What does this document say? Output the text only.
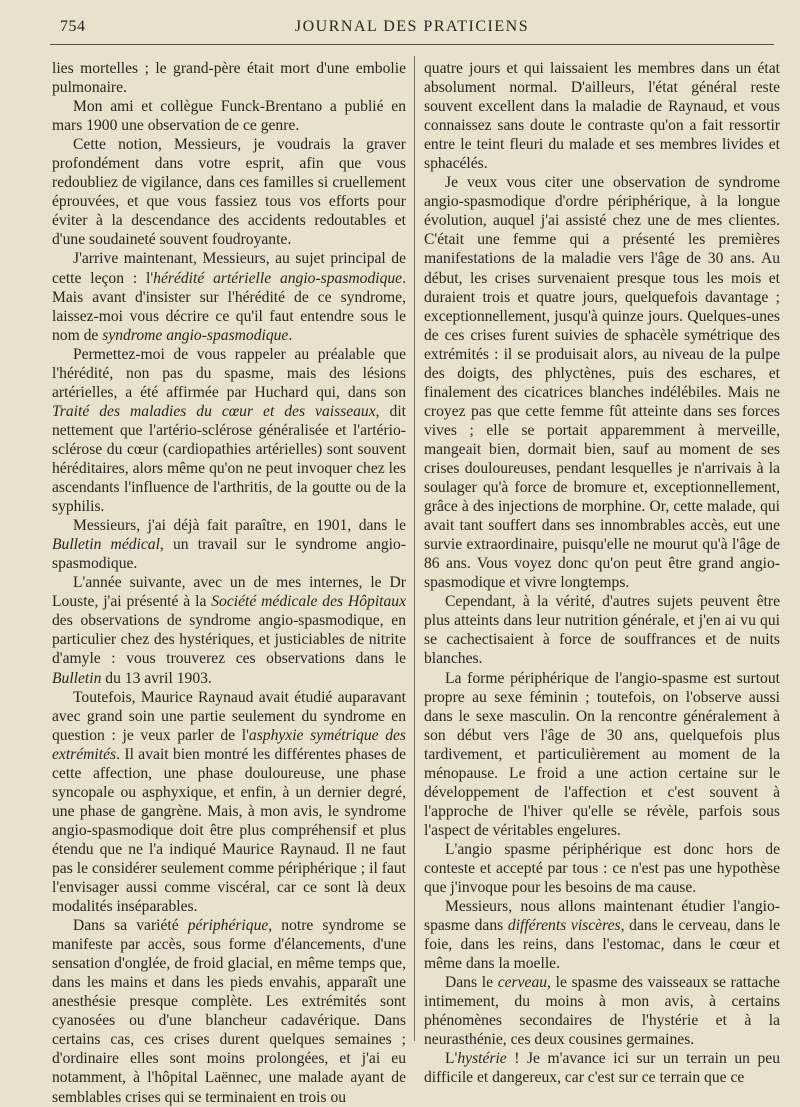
754	JOURNAL DES PRATICIENS

lies mortelles ; le grand-père était mort d'une embolie pulmonaire.

Mon ami et collègue Funck-Brentano a publié en mars 1900 une observation de ce genre.

Cette notion, Messieurs, je voudrais la graver profondément dans votre esprit, afin que vous redoubliez de vigilance, dans ces familles si cruellement éprouvées, et que vous fassiez tous vos efforts pour éviter à la descendance des accidents redoutables et d'une soudaineté souvent foudroyante.

J'arrive maintenant, Messieurs, au sujet principal de cette leçon : l'hérédité artérielle angio-spasmodique. Mais avant d'insister sur l'hérédité de ce syndrome, laissez-moi vous décrire ce qu'il faut entendre sous le nom de syndrome angio-spasmodique.

Permettez-moi de vous rappeler au préalable que l'hérédité, non pas du spasme, mais des lésions artérielles, a été affirmée par Huchard qui, dans son Traité des maladies du cœur et des vaisseaux, dit nettement que l'artério-sclérose généralisée et l'artério-sclérose du cœur (cardiopathies artérielles) sont souvent héréditaires, alors même qu'on ne peut invoquer chez les ascendants l'influence de l'arthritis, de la goutte ou de la syphilis.

Messieurs, j'ai déjà fait paraître, en 1901, dans le Bulletin médical, un travail sur le syndrome angio-spasmodique.

L'année suivante, avec un de mes internes, le Dr Louste, j'ai présenté à la Société médicale des Hôpitaux des observations de syndrome angio-spasmodique, en particulier chez des hystériques, et justiciables de nitrite d'amyle : vous trouverez ces observations dans le Bulletin du 13 avril 1903.

Toutefois, Maurice Raynaud avait étudié auparavant avec grand soin une partie seulement du syndrome en question : je veux parler de l'asphyxie symétrique des extrémités. Il avait bien montré les différentes phases de cette affection, une phase douloureuse, une phase syncopale ou asphyxique, et enfin, à un dernier degré, une phase de gangrène. Mais, à mon avis, le syndrome angio-spasmodique doit être plus compréhensif et plus étendu que ne l'a indiqué Maurice Raynaud. Il ne faut pas le considérer seulement comme périphérique ; il faut l'envisager aussi comme viscéral, car ce sont là deux modalités inséparables.

Dans sa variété périphérique, notre syndrome se manifeste par accès, sous forme d'élancements, d'une sensation d'onglée, de froid glacial, en même temps que, dans les mains et dans les pieds envahis, apparaît une anesthésie presque complète. Les extrémités sont cyanosées ou d'une blancheur cadavérique. Dans certains cas, ces crises durent quelques semaines ; d'ordinaire elles sont moins prolongées, et j'ai eu notamment, à l'hôpital Laënnec, une malade ayant de semblables crises qui se terminaient en trois ou

quatre jours et qui laissaient les membres dans un état absolument normal. D'ailleurs, l'état général reste souvent excellent dans la maladie de Raynaud, et vous connaissez sans doute le contraste qu'on a fait ressortir entre le teint fleuri du malade et ses membres livides et sphacélés.

Je veux vous citer une observation de syndrome angio-spasmodique d'ordre périphérique, à la longue évolution, auquel j'ai assisté chez une de mes clientes. C'était une femme qui a présenté les premières manifestations de la maladie vers l'âge de 30 ans. Au début, les crises survenaient presque tous les mois et duraient trois et quatre jours, quelquefois davantage ; exceptionnellement, jusqu'à quinze jours. Quelques-unes de ces crises furent suivies de sphacèle symétrique des extrémités : il se produisait alors, au niveau de la pulpe des doigts, des phlyctènes, puis des eschares, et finalement des cicatrices blanches indélébiles. Mais ne croyez pas que cette femme fût atteinte dans ses forces vives ; elle se portait apparemment à merveille, mangeait bien, dormait bien, sauf au moment de ses crises douloureuses, pendant lesquelles je n'arrivais à la soulager qu'à force de bromure et, exceptionnellement, grâce à des injections de morphine. Or, cette malade, qui avait tant souffert dans ses innombrables accès, eut une survie extraordinaire, puisqu'elle ne mourut qu'à l'âge de 86 ans. Vous voyez donc qu'on peut être grand angio-spasmodique et vivre longtemps.

Cependant, à la vérité, d'autres sujets peuvent être plus atteints dans leur nutrition générale, et j'en ai vu qui se cachectisaient à force de souffrances et de nuits blanches.

La forme périphérique de l'angio-spasme est surtout propre au sexe féminin ; toutefois, on l'observe aussi dans le sexe masculin. On la rencontre généralement à son début vers l'âge de 30 ans, quelquefois plus tardivement, et particulièrement au moment de la ménopause. Le froid a une action certaine sur le développement de l'affection et c'est souvent à l'approche de l'hiver qu'elle se révèle, parfois sous l'aspect de véritables engelures.

L'angio spasme périphérique est donc hors de conteste et accepté par tous : ce n'est pas une hypothèse que j'invoque pour les besoins de ma cause.

Messieurs, nous allons maintenant étudier l'angio-spasme dans différents viscères, dans le cerveau, dans le foie, dans les reins, dans l'estomac, dans le cœur et même dans la moelle.

Dans le cerveau, le spasme des vaisseaux se rattache intimement, du moins à mon avis, à certains phénomènes secondaires de l'hystérie et à la neurasthénie, ces deux cousines germaines.

L'hystérie ! Je m'avance ici sur un terrain un peu difficile et dangereux, car c'est sur ce terrain que ce
